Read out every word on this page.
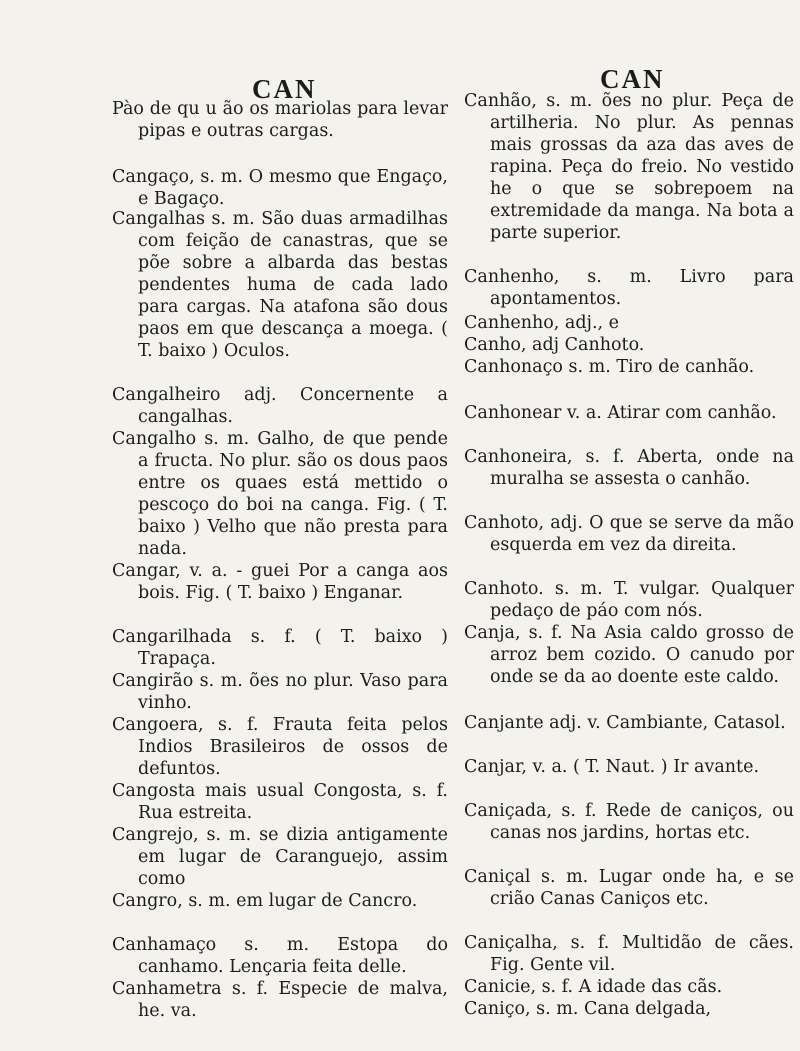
CAN	CAN

Pào de qu u ão os mariolas para levar pipas e outras cargas.

Cangaço, s. m. O mesmo que Engaço, e Bagaço.

Cangalhas s. m. São duas armadilhas com feição de canastras, que se põe sobre a albarda das bestas pendentes huma de cada lado para cargas. Na atafona são dous paos em que descança a moega. ( T. baixo ) Oculos.

Cangalheiro adj. Concernente a cangalhas.

Cangalho s. m. Galho, de que pende a fructa. No plur. são os dous paos entre os quaes está mettido o pescoço do boi na canga. Fig. ( T. baixo ) Velho que não presta para nada.

Cangar, v. a. - guei Por a canga aos bois. Fig. ( T. baixo ) Enganar.

Cangarilhada s. f. ( T. baixo ) Trapaça.

Cangirão s. m. ões no plur. Vaso para vinho.

Cangoera, s. f. Frauta feita pelos Indios Brasileiros de ossos de defuntos.

Cangosta mais usual Congosta, s. f. Rua estreita.

Cangrejo, s. m. se dizia antigamente em lugar de Caranguejo, assim como

Cangro, s. m. em lugar de Cancro.

Canhamaço s. m. Estopa do canhamo. Lençaria feita delle.

Canhametra s. f. Especie de malva, he. va.

Canhão, s. m. ões no plur. Peça de artilheria. No plur. As pennas mais grossas da aza das aves de rapina. Peça do freio. No vestido he o que se sobrepoem na extremidade da manga. Na bota a parte superior.

Canhenho, s. m. Livro para apontamentos.

Canhenho, adj., e

Canho, adj Canhoto.

Canhonaço s. m. Tiro de canhão.

Canhonear v. a. Atirar com canhão.

Canhoneira, s. f. Aberta, onde na muralha se assesta o canhão.

Canhoto, adj. O que se serve da mão esquerda em vez da direita.

Canhoto. s. m. T. vulgar. Qualquer pedaço de páo com nós.

Canja, s. f. Na Asia caldo grosso de arroz bem cozido. O canudo por onde se da ao doente este caldo.

Canjante adj. v. Cambiante, Catasol.

Canjar, v. a. ( T. Naut. ) Ir avante.

Caniçada, s. f. Rede de caniços, ou canas nos jardins, hortas etc.

Caniçal s. m. Lugar onde ha, e se crião Canas Caniços etc.

Caniçalha, s. f. Multidão de cães. Fig. Gente vil.

Canicie, s. f. A idade das cãs.

Caniço, s. m. Cana delgada,
